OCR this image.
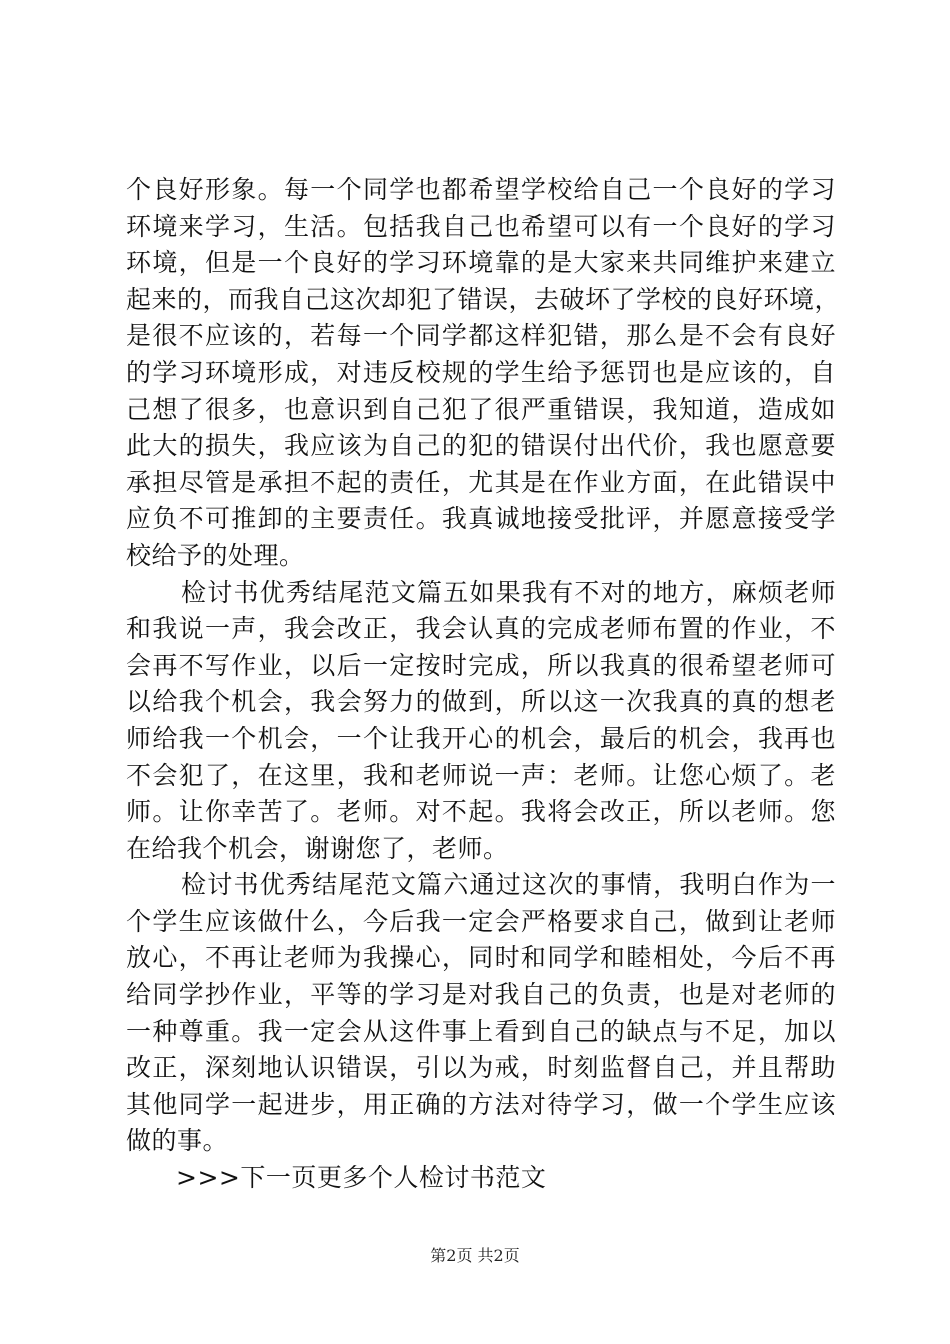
个良好形象。每一个同学也都希望学校给自己一个良好的学习
环境来学习，生活。包括我自己也希望可以有一个良好的学习
环境，但是一个良好的学习环境靠的是大家来共同维护来建立
起来的，而我自己这次却犯了错误，去破坏了学校的良好环境，
是很不应该的，若每一个同学都这样犯错，那么是不会有良好
的学习环境形成，对违反校规的学生给予惩罚也是应该的，自
己想了很多，也意识到自己犯了很严重错误，我知道，造成如
此大的损失，我应该为自己的犯的错误付出代价，我也愿意要
承担尽管是承担不起的责任，尤其是在作业方面，在此错误中
应负不可推卸的主要责任。我真诚地接受批评，并愿意接受学
校给予的处理。
检讨书优秀结尾范文篇五如果我有不对的地方，麻烦老师
和我说一声，我会改正，我会认真的完成老师布置的作业，不
会再不写作业，以后一定按时完成，所以我真的很希望老师可
以给我个机会，我会努力的做到，所以这一次我真的真的想老
师给我一个机会，一个让我开心的机会，最后的机会，我再也
不会犯了，在这里，我和老师说一声：老师。让您心烦了。老
师。让你幸苦了。老师。对不起。我将会改正，所以老师。您
在给我个机会，谢谢您了，老师。
检讨书优秀结尾范文篇六通过这次的事情，我明白作为一
个学生应该做什么，今后我一定会严格要求自己，做到让老师
放心，不再让老师为我操心，同时和同学和睦相处，今后不再
给同学抄作业，平等的学习是对我自己的负责，也是对老师的
一种尊重。我一定会从这件事上看到自己的缺点与不足，加以
改正，深刻地认识错误，引以为戒，时刻监督自己，并且帮助
其他同学一起进步，用正确的方法对待学习，做一个学生应该
做的事。
>>>下一页更多个人检讨书范文
第2页 共2页
